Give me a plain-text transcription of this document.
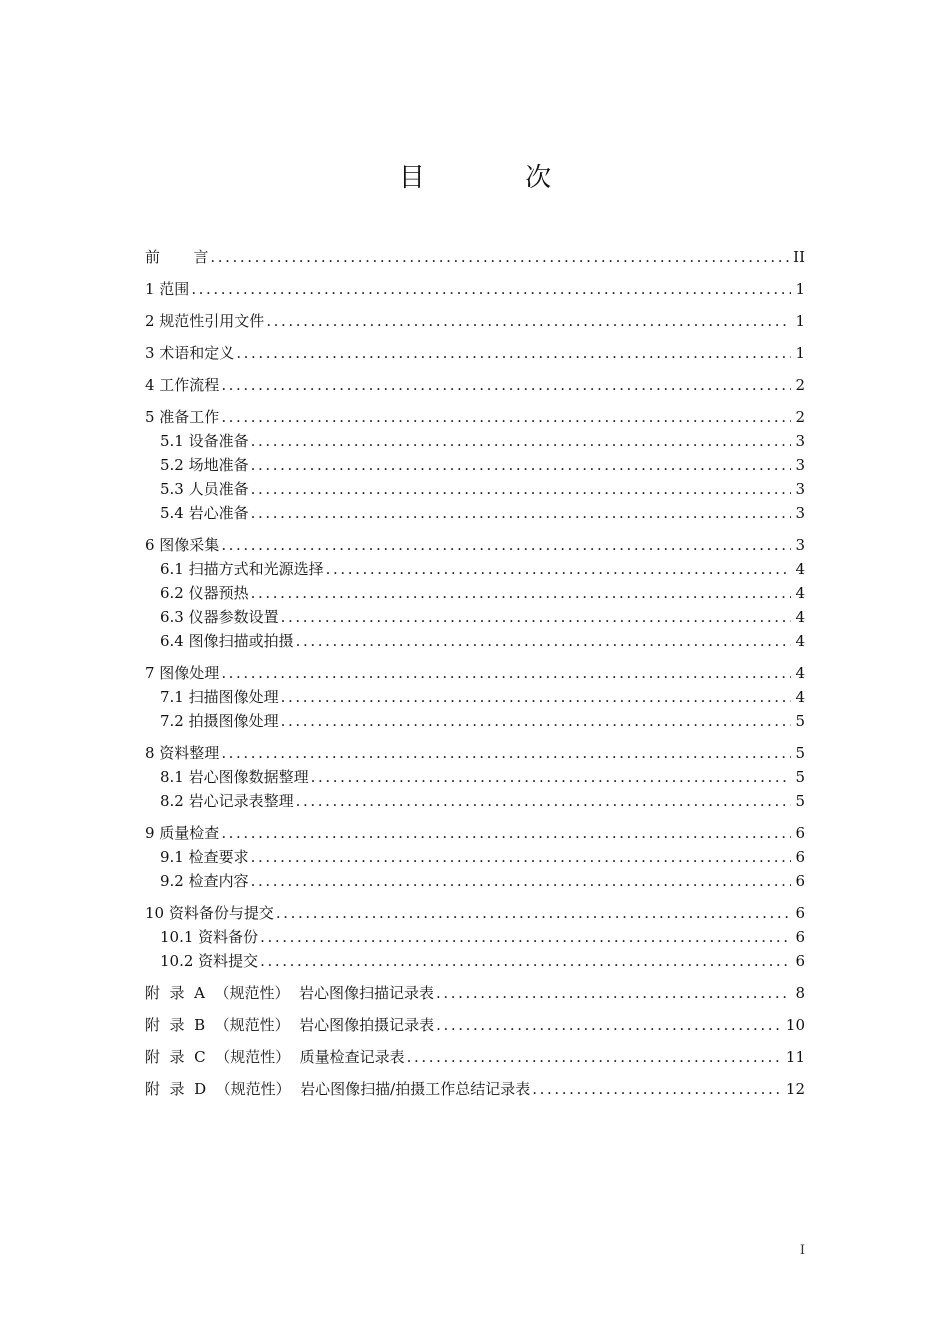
目 次
前       言 .....	II
1 范围 .....	1
2 规范性引用文件 .....	1
3 术语和定义 .....	1
4 工作流程 .....	2
5 准备工作 .....	2
5.1 设备准备 .....	3
5.2 场地准备 .....	3
5.3 人员准备 .....	3
5.4 岩心准备 .....	3
6 图像采集 .....	3
6.1 扫描方式和光源选择 .....	4
6.2 仪器预热 .....	4
6.3 仪器参数设置 .....	4
6.4 图像扫描或拍摄 .....	4
7 图像处理 .....	4
7.1 扫描图像处理 .....	4
7.2 拍摄图像处理 .....	5
8 资料整理 .....	5
8.1 岩心图像数据整理 .....	5
8.2 岩心记录表整理 .....	5
9 质量检查 .....	6
9.1 检查要求 .....	6
9.2 检查内容 .....	6
10 资料备份与提交 .....	6
10.1 资料备份 .....	6
10.2 资料提交 .....	6
附  录  A  （规范性）  岩心图像扫描记录表 .....	8
附  录  B  （规范性）  岩心图像拍摄记录表 .....	10
附  录  C  （规范性）  质量检查记录表 .....	11
附  录  D  （规范性）  岩心图像扫描/拍摄工作总结记录表 .....	12
I
